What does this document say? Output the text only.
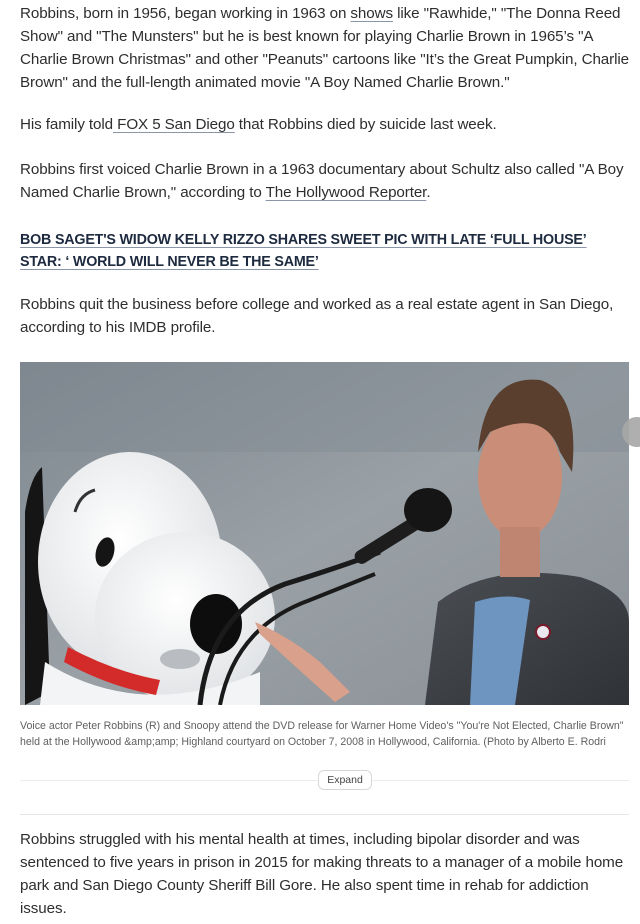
Robbins, born in 1956, began working in 1963 on shows like "Rawhide," "The Donna Reed Show" and "The Munsters" but he is best known for playing Charlie Brown in 1965’s "A Charlie Brown Christmas" and other "Peanuts" cartoons like "It’s the Great Pumpkin, Charlie Brown" and the full-length animated movie "A Boy Named Charlie Brown."

His family told FOX 5 San Diego that Robbins died by suicide last week.

Robbins first voiced Charlie Brown in a 1963 documentary about Schultz also called "A Boy Named Charlie Brown," according to The Hollywood Reporter.

BOB SAGET'S WIDOW KELLY RIZZO SHARES SWEET PIC WITH LATE ‘FULL HOUSE’ STAR: ‘ WORLD WILL NEVER BE THE SAME’

Robbins quit the business before college and worked as a real estate agent in San Diego, according to his IMDB profile.

Voice actor Peter Robbins (R) and Snoopy attend the DVD release for Warner Home Video's "You're Not Elected, Charlie Brown" held at the Hollywood &amp;amp; Highland courtyard on October 7, 2008 in Hollywood, California. (Photo by Alberto E. Rodri
Expand

Robbins struggled with his mental health at times, including bipolar disorder and was sentenced to five years in prison in 2015 for making threats to a manager of a mobile home park and San Diego County Sheriff Bill Gore. He also spent time in rehab for addiction issues.
